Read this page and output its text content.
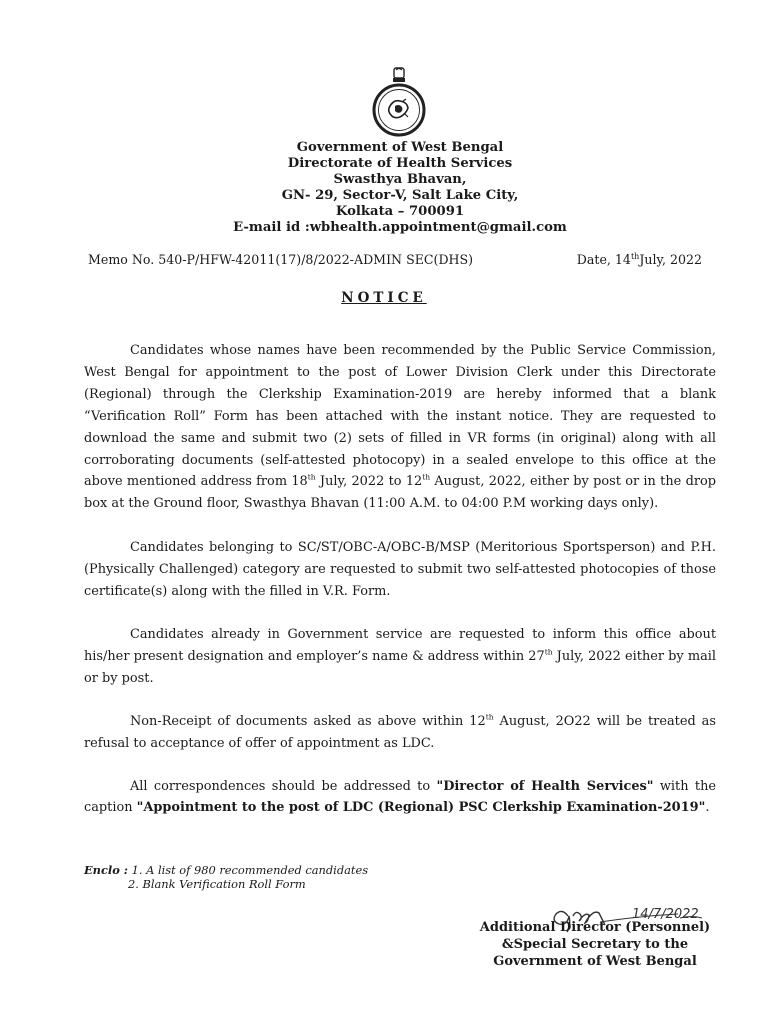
Government of West Bengal
Directorate of Health Services
Swasthya Bhavan,
GN- 29, Sector-V, Salt Lake City,
Kolkata – 700091
E-mail id :wbhealth.appointment@gmail.com
Memo No. 540-P/HFW-42011(17)/8/2022-ADMIN SEC(DHS)	Date, 14thJuly, 2022
NOTICE

Candidates whose names have been recommended by the Public Service Commission, West Bengal for appointment to the post of Lower Division Clerk under this Directorate (Regional) through the Clerkship Examination-2019 are hereby informed that a blank “Verification Roll” Form has been attached with the instant notice. They are requested to download the same and submit two (2) sets of filled in VR forms (in original) along with all corroborating documents (self-attested photocopy) in a sealed envelope to this office at the above mentioned address from 18th July, 2022 to 12th August, 2022, either by post or in the drop box at the Ground floor, Swasthya Bhavan (11:00 A.M. to 04:00 P.M working days only).

Candidates belonging to SC/ST/OBC-A/OBC-B/MSP (Meritorious Sportsperson) and P.H. (Physically Challenged) category are requested to submit two self-attested photocopies of those certificate(s) along with the filled in V.R. Form.

Candidates already in Government service are requested to inform this office about his/her present designation and employer’s name & address within 27th July, 2022 either by mail or by post.

Non-Receipt of documents asked as above within 12th August, 2O22 will be treated as refusal to acceptance of offer of appointment as LDC.

All correspondences should be addressed to "Director of Health Services" with the caption "Appointment to the post of LDC (Regional) PSC Clerkship Examination-2019".

Enclo : 1. A list of 980 recommended candidates
2. Blank Verification Roll Form
14/7/2022
Additional Director (Personnel)
&Special Secretary to the
Government of West Bengal
